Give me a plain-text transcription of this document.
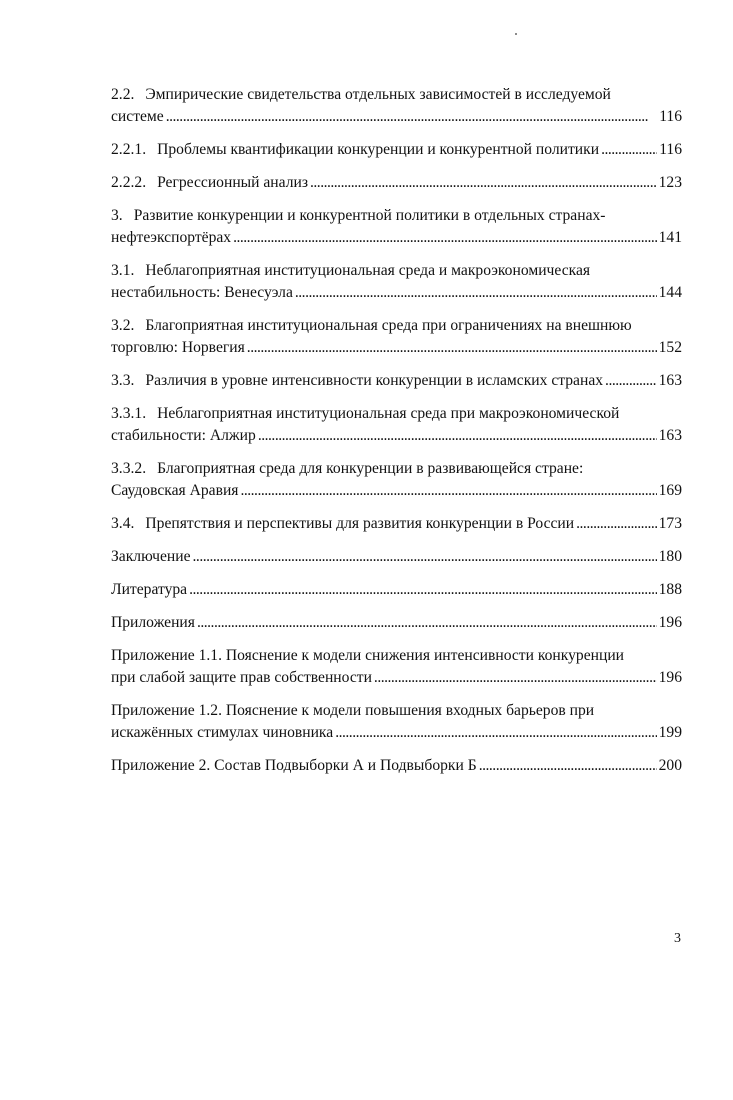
2.2. Эмпирические свидетельства отдельных зависимостей в исследуемой
системе . . .	116
2.2.1. Проблемы квантификации конкуренции и конкурентной политики . . .	116
2.2.2. Регрессионный анализ . . .	123
3. Развитие конкуренции и конкурентной политики в отдельных странах-
нефтеэкспортёрах . . .	141
3.1. Неблагоприятная институциональная среда и макроэкономическая
нестабильность: Венесуэла . . .	144
3.2. Благоприятная институциональная среда при ограничениях на внешнюю
торговлю: Норвегия . . .	152
3.3. Различия в уровне интенсивности конкуренции в исламских странах . . .	163
3.3.1. Неблагоприятная институциональная среда при макроэкономической
стабильности: Алжир . . .	163
3.3.2. Благоприятная среда для конкуренции в развивающейся стране:
Саудовская Аравия . . .	169
3.4. Препятствия и перспективы для развития конкуренции в России . . .	173
Заключение . . .	180
Литература . . .	188
Приложения . . .	196
Приложение 1.1. Пояснение к модели снижения интенсивности конкуренции
при слабой защите прав собственности . . .	196
Приложение 1.2. Пояснение к модели повышения входных барьеров при
искажённых стимулах чиновника . . .	199
Приложение 2. Состав Подвыборки А и Подвыборки Б . . .	200
3
